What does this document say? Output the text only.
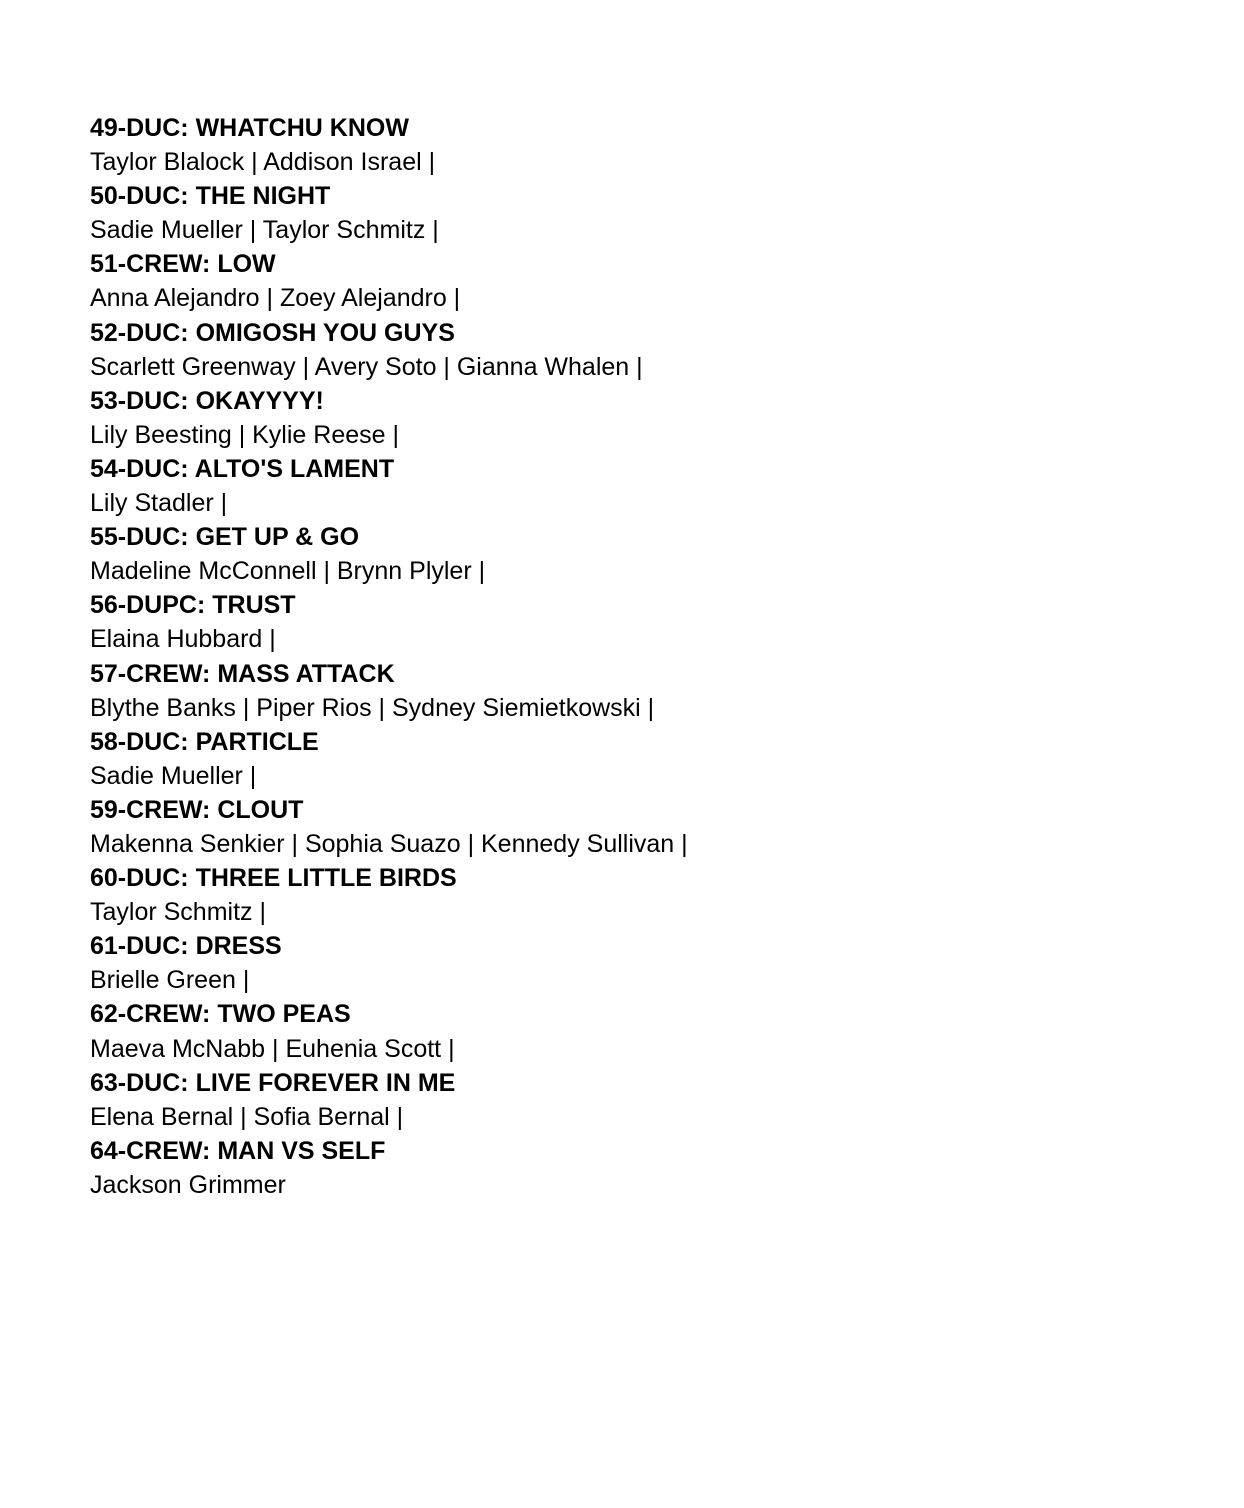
49-DUC: WHATCHU KNOW
Taylor Blalock | Addison Israel |
50-DUC: THE NIGHT
Sadie Mueller | Taylor Schmitz |
51-CREW: LOW
Anna Alejandro | Zoey Alejandro |
52-DUC: OMIGOSH YOU GUYS
Scarlett Greenway | Avery Soto | Gianna Whalen |
53-DUC: OKAYYYY!
Lily Beesting | Kylie Reese |
54-DUC: ALTO'S LAMENT
Lily Stadler |
55-DUC: GET UP & GO
Madeline McConnell | Brynn Plyler |
56-DUPC: TRUST
Elaina Hubbard |
57-CREW: MASS ATTACK
Blythe Banks | Piper Rios | Sydney Siemietkowski |
58-DUC: PARTICLE
Sadie Mueller |
59-CREW: CLOUT
Makenna Senkier | Sophia Suazo | Kennedy Sullivan |
60-DUC: THREE LITTLE BIRDS
Taylor Schmitz |
61-DUC: DRESS
Brielle Green |
62-CREW: TWO PEAS
Maeva McNabb | Euhenia Scott |
63-DUC: LIVE FOREVER IN ME
Elena Bernal | Sofia Bernal |
64-CREW: MAN VS SELF
Jackson Grimmer
